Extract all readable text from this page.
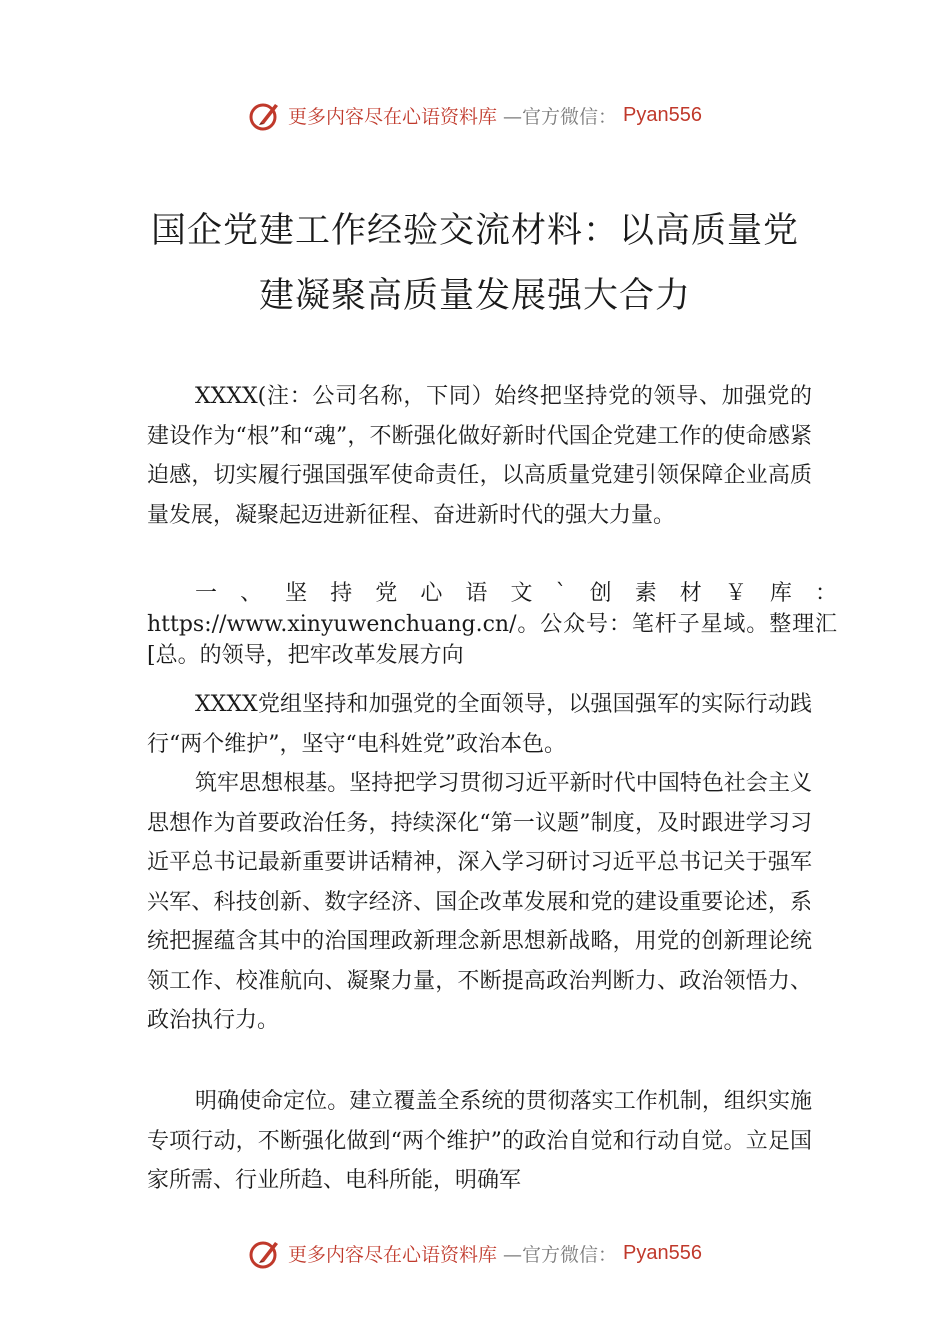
更多内容尽在心语资料库 —官方微信： Pyan556
国企党建工作经验交流材料：以高质量党
建凝聚高质量发展强大合力

XXXX(注：公司名称，下同）始终把坚持党的领导、加强党的建设作为“根”和“魂”，不断强化做好新时代国企党建工作的使命感紧迫感，切实履行强国强军使命责任，以高质量党建引领保障企业高质量发展，凝聚起迈进新征程、奋进新时代的强大力量。

一、坚持党心语文`创素材￥库：https://www.xinyuwenchuang.cn/。公众号：笔杆子星域。整理汇[总。的领导，把牢改革发展方向

XXXX党组坚持和加强党的全面领导，以强国强军的实际行动践行“两个维护”，坚守“电科姓党”政治本色。

筑牢思想根基。坚持把学习贯彻习近平新时代中国特色社会主义思想作为首要政治任务，持续深化“第一议题”制度，及时跟进学习习近平总书记最新重要讲话精神，深入学习研讨习近平总书记关于强军兴军、科技创新、数字经济、国企改革发展和党的建设重要论述，系统把握蕴含其中的治国理政新理念新思想新战略，用党的创新理论统领工作、校准航向、凝聚力量，不断提高政治判断力、政治领悟力、政治执行力。

明确使命定位。建立覆盖全系统的贯彻落实工作机制，组织实施专项行动，不断强化做到“两个维护”的政治自觉和行动自觉。立足国家所需、行业所趋、电科所能，明确军

更多内容尽在心语资料库 —官方微信： Pyan556
